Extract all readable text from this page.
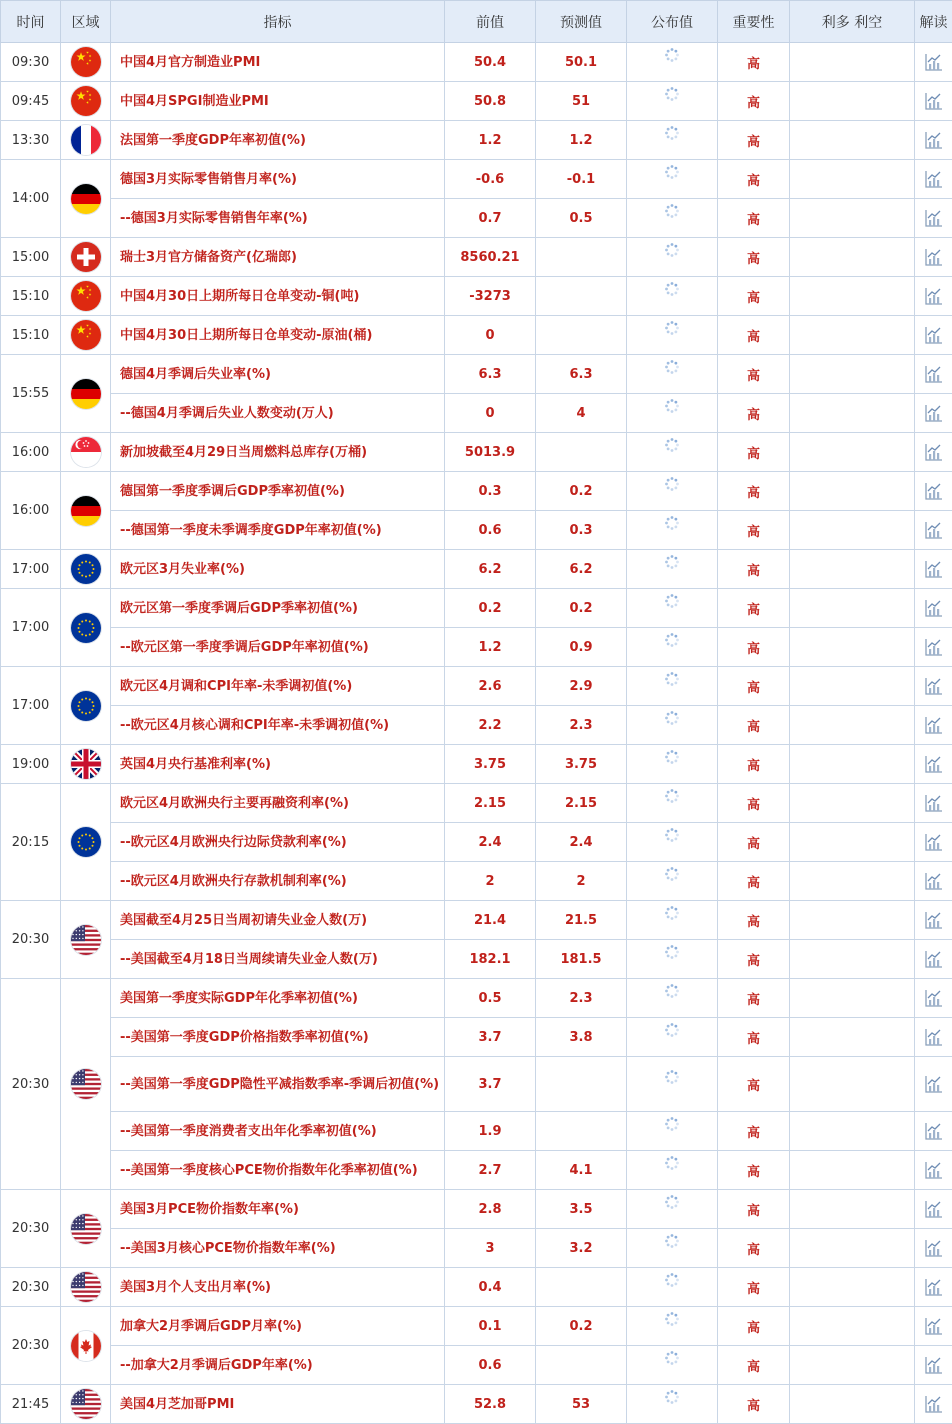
时间	区域	指标	前值	预测值	公布值	重要性	利多 利空	解读
09:30		中国4月官方制造业PMI	50.4	50.1		高		
09:45		中国4月SPGI制造业PMI	50.8	51		高		
13:30		法国第一季度GDP年率初值(%)	1.2	1.2		高		
14:00		德国3月实际零售销售月率(%)	-0.6	-0.1		高		
		--德国3月实际零售销售年率(%)	0.7	0.5		高		
15:00		瑞士3月官方储备资产(亿瑞郎)	8560.21			高		
15:10		中国4月30日上期所每日仓单变动-铜(吨)	-3273			高		
15:10		中国4月30日上期所每日仓单变动-原油(桶)	0			高		
15:55		德国4月季调后失业率(%)	6.3	6.3		高		
		--德国4月季调后失业人数变动(万人)	0	4		高		
16:00		新加坡截至4月29日当周燃料总库存(万桶)	5013.9			高		
16:00		德国第一季度季调后GDP季率初值(%)	0.3	0.2		高		
		--德国第一季度未季调季度GDP年率初值(%)	0.6	0.3		高		
17:00		欧元区3月失业率(%)	6.2	6.2		高		
17:00		欧元区第一季度季调后GDP季率初值(%)	0.2	0.2		高		
		--欧元区第一季度季调后GDP年率初值(%)	1.2	0.9		高		
17:00		欧元区4月调和CPI年率-未季调初值(%)	2.6	2.9		高		
		--欧元区4月核心调和CPI年率-未季调初值(%)	2.2	2.3		高		
19:00		英国4月央行基准利率(%)	3.75	3.75		高		
20:15		欧元区4月欧洲央行主要再融资利率(%)	2.15	2.15		高		
		--欧元区4月欧洲央行边际贷款利率(%)	2.4	2.4		高		
		--欧元区4月欧洲央行存款机制利率(%)	2	2		高		
20:30		美国截至4月25日当周初请失业金人数(万)	21.4	21.5		高		
		--美国截至4月18日当周续请失业金人数(万)	182.1	181.5		高		
20:30		美国第一季度实际GDP年化季率初值(%)	0.5	2.3		高		
		--美国第一季度GDP价格指数季率初值(%)	3.7	3.8		高		
		--美国第一季度GDP隐性平减指数季率-季调后初值(%)	3.7			高		
		--美国第一季度消费者支出年化季率初值(%)	1.9			高		
		--美国第一季度核心PCE物价指数年化季率初值(%)	2.7	4.1		高		
20:30		美国3月PCE物价指数年率(%)	2.8	3.5		高		
		--美国3月核心PCE物价指数年率(%)	3	3.2		高		
20:30		美国3月个人支出月率(%)	0.4			高		
20:30		加拿大2月季调后GDP月率(%)	0.1	0.2		高		
		--加拿大2月季调后GDP年率(%)	0.6			高		
21:45		美国4月芝加哥PMI	52.8	53		高		
